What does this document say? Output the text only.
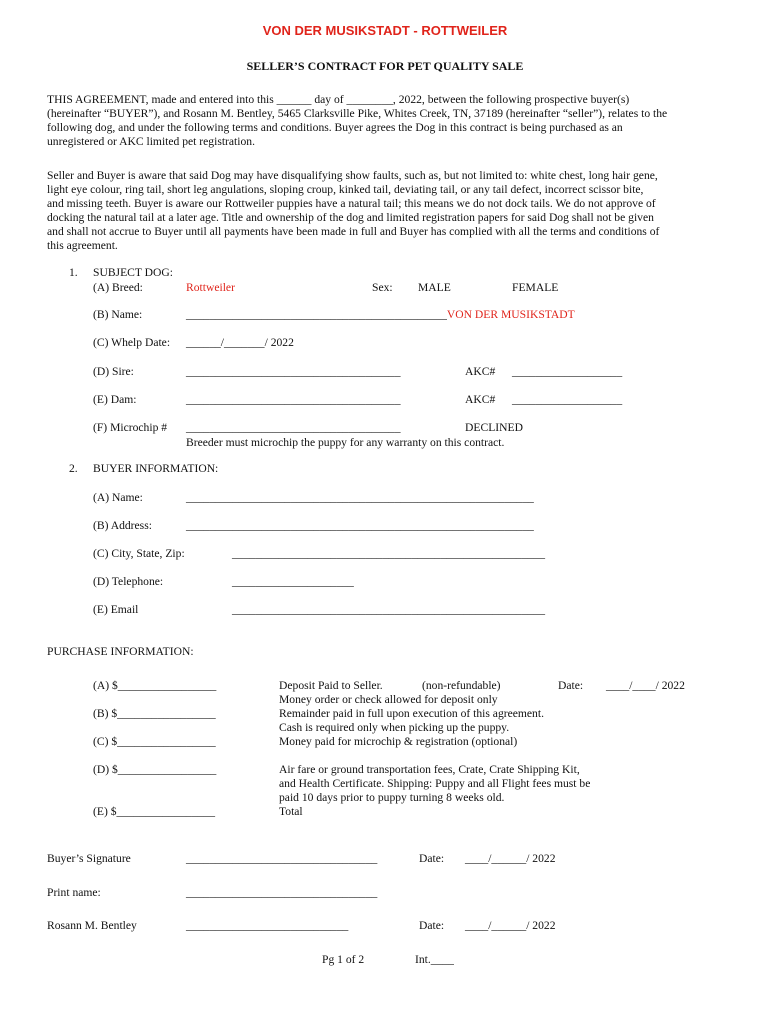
VON DER MUSIKSTADT - ROTTWEILER
SELLER’S CONTRACT FOR PET QUALITY SALE
THIS AGREEMENT, made and entered into this ______ day of ________, 2022, between the following prospective buyer(s)
(hereinafter “BUYER”), and Rosann M. Bentley, 5465 Clarksville Pike, Whites Creek, TN, 37189 (hereinafter “seller”), relates to the
following dog, and under the following terms and conditions. Buyer agrees the Dog in this contract is being purchased as an
unregistered or AKC limited pet registration.
Seller and Buyer is aware that said Dog may have disqualifying show faults, such as, but not limited to: white chest, long hair gene,
light eye colour, ring tail, short leg angulations, sloping croup, kinked tail, deviating tail, or any tail defect, incorrect scissor bite,
and missing teeth. Buyer is aware our Rottweiler puppies have a natural tail; this means we do not dock tails. We do not approve of
docking the natural tail at a later age. Title and ownership of the dog and limited registration papers for said Dog shall not be given
and shall not accrue to Buyer until all payments have been made in full and Buyer has complied with all the terms and conditions of
this agreement.
1. SUBJECT DOG:
(A) Breed:	Rottweiler	Sex: MALE	FEMALE
(B) Name:	_____________________________________________VON DER MUSIKSTADT
(C) Whelp Date: ______/_______/ 2022
(D) Sire:	_____________________________________	AKC# ___________________
(E) Dam:	_____________________________________	AKC# ___________________
(F) Microchip # _____________________________________	DECLINED
Breeder must microchip the puppy for any warranty on this contract.
2. BUYER INFORMATION:
(A) Name:	____________________________________________________________
(B) Address:	____________________________________________________________
(C) City, State, Zip:	______________________________________________________
(D) Telephone:	_____________________
(E) Email	______________________________________________________
PURCHASE INFORMATION:
(A) $_________________	Deposit Paid to Seller.	(non-refundable)	Date: ____/____/ 2022
Money order or check allowed for deposit only
(B) $_________________	Remainder paid in full upon execution of this agreement.
Cash is required only when picking up the puppy.
(C) $_________________	Money paid for microchip & registration (optional)
(D) $_________________	Air fare or ground transportation fees, Crate, Crate Shipping Kit,
and Health Certificate. Shipping: Puppy and all Flight fees must be
paid 10 days prior to puppy turning 8 weeks old.
(E) $_________________	Total
Buyer’s Signature	_________________________________	Date: ____/______/ 2022
Print name:	_________________________________
Rosann M. Bentley	____________________________	Date: ____/______/ 2022
Pg 1 of 2	Int.____
